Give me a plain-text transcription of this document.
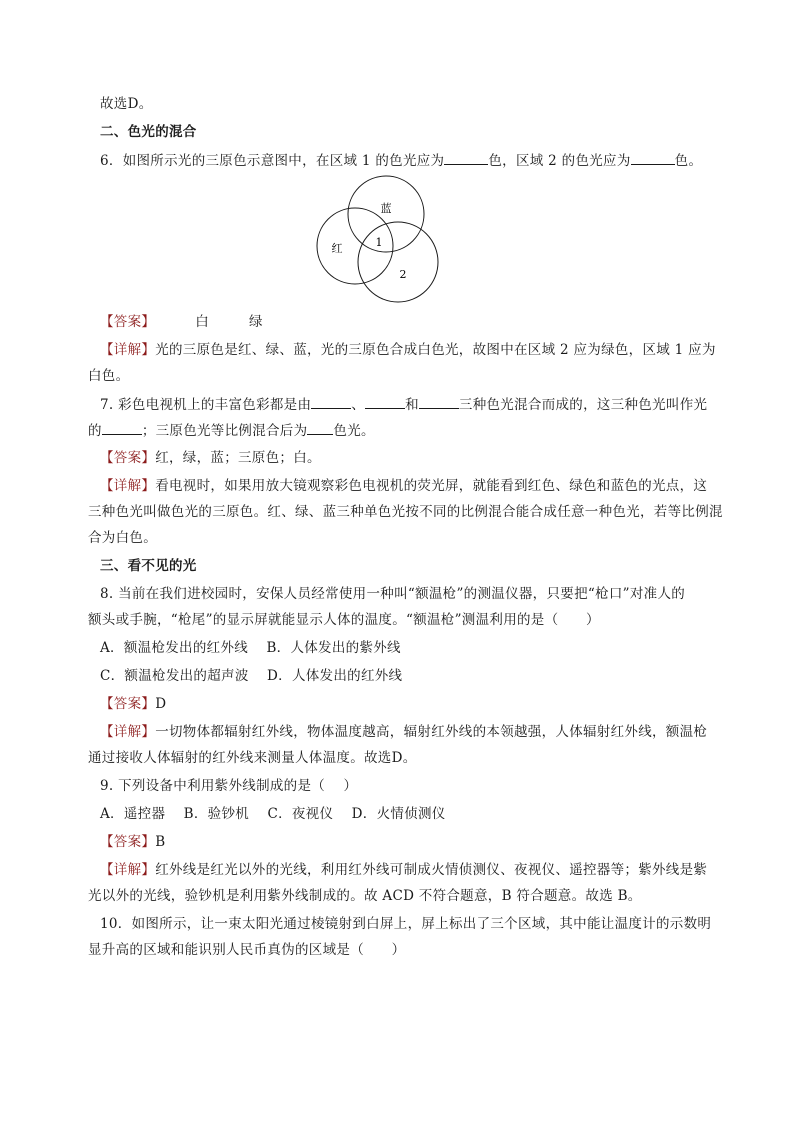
故选D。
二、色光的混合
6．如图所示光的三原色示意图中，在区域 1 的色光应为	色，区域 2 的色光应为	色。
蓝
红	1
2
【答案】	白	绿
【详解】光的三原色是红、绿、蓝，光的三原色合成白色光，故图中在区域 2 应为绿色，区域 1 应为
白色。
7. 彩色电视机上的丰富色彩都是由	、	和	三种色光混合而成的，这三种色光叫作光
的	；三原色光等比例混合后为 色光。
【答案】红，绿，蓝；三原色；白。
【详解】看电视时，如果用放大镜观察彩色电视机的荧光屏，就能看到红色、绿色和蓝色的光点，这
三种色光叫做色光的三原色。红、绿、蓝三种单色光按不同的比例混合能合成任意一种色光，若等比例混
合为白色。
三、看不见的光
8. 当前在我们进校园时，安保人员经常使用一种叫“额温枪”的测温仪器，只要把“枪口”对准人的
额头或手腕，“枪尾”的显示屏就能显示人体的温度。“额温枪”测温利用的是（　　）
A．额温枪发出的红外线　 B．人体发出的紫外线
C．额温枪发出的超声波　 D．人体发出的红外线
【答案】D
【详解】一切物体都辐射红外线，物体温度越高，辐射红外线的本领越强，人体辐射红外线，额温枪
通过接收人体辐射的红外线来测量人体温度。故选D。
9. 下列设备中利用紫外线制成的是（　 ）
A．遥控器　 B．验钞机　 C．夜视仪　 D．火情侦测仪
【答案】B
【详解】红外线是红光以外的光线，利用红外线可制成火情侦测仪、夜视仪、遥控器等；紫外线是紫
光以外的光线，验钞机是利用紫外线制成的。故 ACD 不符合题意，B 符合题意。故选 B。
10．如图所示，让一束太阳光通过棱镜射到白屏上，屏上标出了三个区域，其中能让温度计的示数明
显升高的区域和能识别人民币真伪的区域是（　　）
